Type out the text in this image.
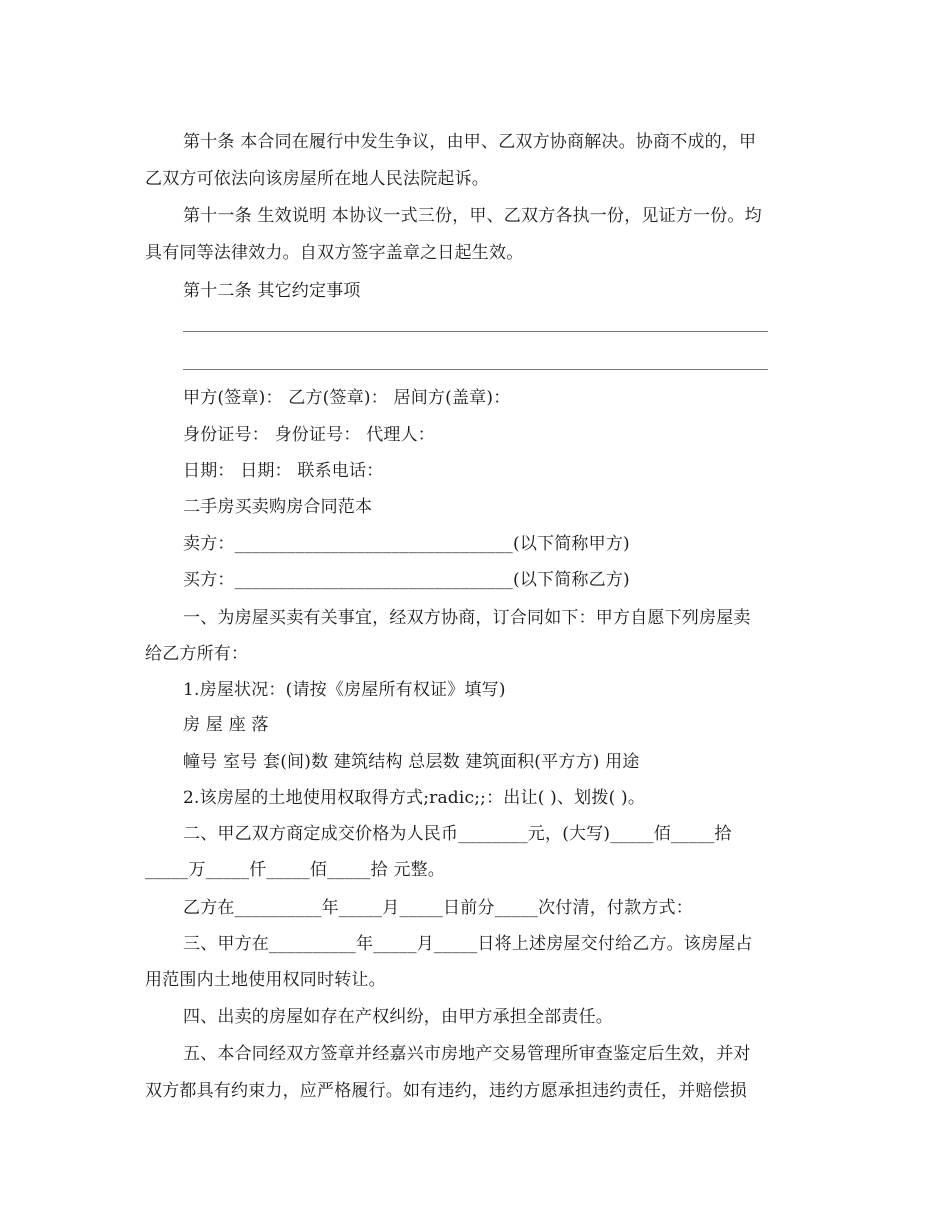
第十条 本合同在履行中发生争议，由甲、乙双方协商解决。协商不成的，甲
乙双方可依法向该房屋所在地人民法院起诉。
第十一条 生效说明 本协议一式三份，甲、乙双方各执一份，见证方一份。均
具有同等法律效力。自双方签字盖章之日起生效。
第十二条 其它约定事项
甲方(签章)： 乙方(签章)： 居间方(盖章)：
身份证号： 身份证号： 代理人：
日期： 日期： 联系电话：
二手房买卖购房合同范本
卖方：________________________________(以下简称甲方)
买方：________________________________(以下简称乙方)
一、为房屋买卖有关事宜，经双方协商，订合同如下：甲方自愿下列房屋卖
给乙方所有：
1.房屋状况：(请按《房屋所有权证》填写)
房 屋 座 落
幢号 室号 套(间)数 建筑结构 总层数 建筑面积(平方方) 用途
2.该房屋的土地使用权取得方式;radic;;：出让( )、划拨( )。
二、甲乙双方商定成交价格为人民币________元，(大写)_____佰_____拾
_____万_____仟_____佰_____拾 元整。
乙方在__________年_____月_____日前分_____次付清，付款方式：
三、甲方在__________年_____月_____日将上述房屋交付给乙方。该房屋占
用范围内土地使用权同时转让。
四、出卖的房屋如存在产权纠纷，由甲方承担全部责任。
五、本合同经双方签章并经嘉兴市房地产交易管理所审查鉴定后生效，并对
双方都具有约束力，应严格履行。如有违约，违约方愿承担违约责任，并赔偿损
